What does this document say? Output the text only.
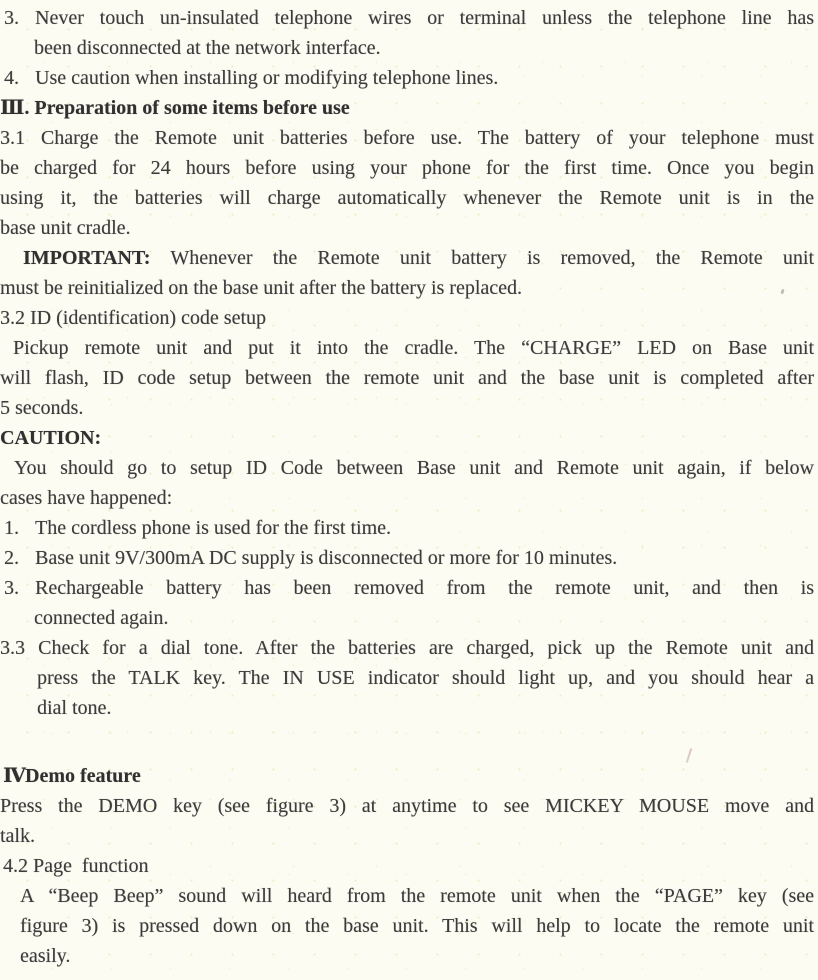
3. Never touch un-insulated telephone wires or terminal unless the telephone line has
been disconnected at the network interface.
4. Use caution when installing or modifying telephone lines.
Ⅲ. Preparation of some items before use
3.1 Charge the Remote unit batteries before use. The battery of your telephone must
be charged for 24 hours before using your phone for the first time. Once you begin
using it, the batteries will charge automatically whenever the Remote unit is in the
base unit cradle.
IMPORTANT: Whenever the Remote unit battery is removed, the Remote unit
must be reinitialized on the base unit after the battery is replaced.
3.2 ID (identification) code setup
Pickup remote unit and put it into the cradle. The “CHARGE” LED on Base unit
will flash, ID code setup between the remote unit and the base unit is completed after
5 seconds.
CAUTION:
You should go to setup ID Code between Base unit and Remote unit again, if below
cases have happened:
1. The cordless phone is used for the first time.
2. Base unit 9V/300mA DC supply is disconnected or more for 10 minutes.
3. Rechargeable battery has been removed from the remote unit, and then is
connected again.
3.3 Check for a dial tone. After the batteries are charged, pick up the Remote unit and
press the TALK key. The IN USE indicator should light up, and you should hear a
dial tone.
ⅣDemo feature
Press the DEMO key (see figure 3) at anytime to see MICKEY MOUSE move and
talk.
4.2 Page  function
A “Beep Beep” sound will heard from the remote unit when the “PAGE” key (see
figure 3) is pressed down on the base unit. This will help to locate the remote unit
easily.
